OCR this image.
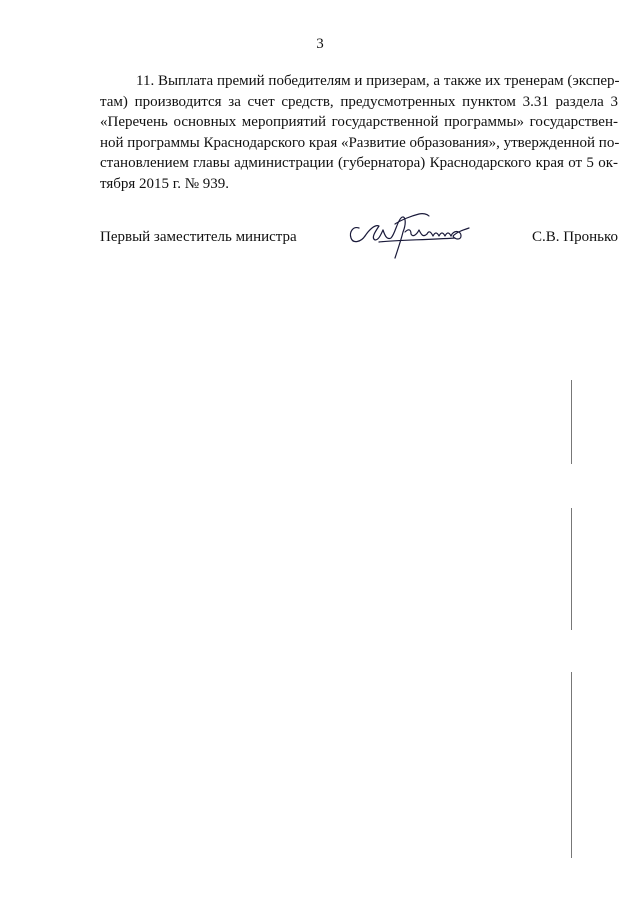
3
11. Выплата премий победителям и призерам, а также их тренерам (экспер-
там) производится за счет средств, предусмотренных пунктом 3.31 раздела 3
«Перечень основных мероприятий государственной программы» государствен-
ной программы Краснодарского края «Развитие образования», утвержденной по-
становлением главы администрации (губернатора) Краснодарского края от 5 ок-
тября 2015 г. № 939.
Первый заместитель министра	С.В. Пронько
